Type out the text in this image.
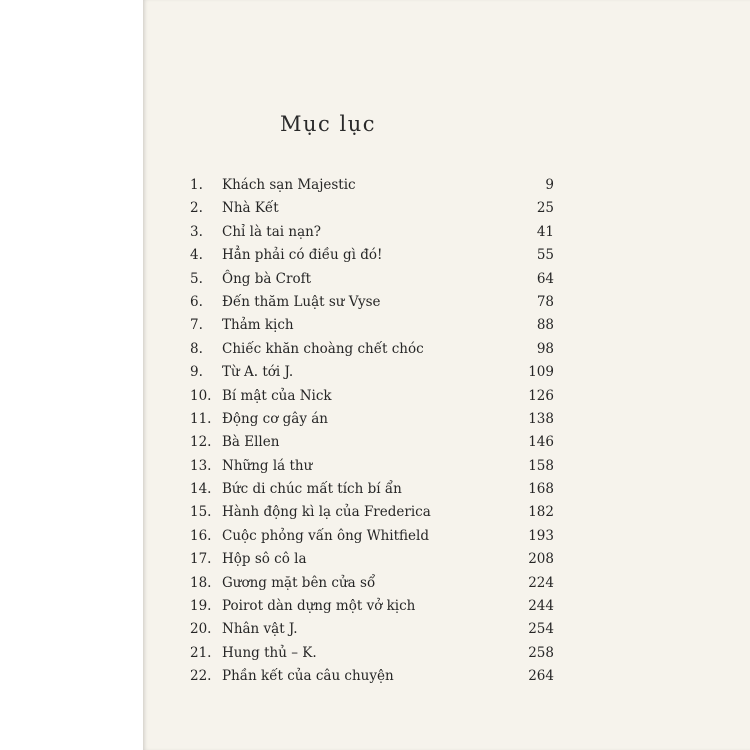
Mục lục
1. Khách sạn Majestic	9
2. Nhà Kết	25
3. Chỉ là tai nạn?	41
4. Hẳn phải có điều gì đó!	55
5. Ông bà Croft	64
6. Đến thăm Luật sư Vyse	78
7. Thảm kịch	88
8. Chiếc khăn choàng chết chóc	98
9. Từ A. tới J.	109
10. Bí mật của Nick	126
11. Động cơ gây án	138
12. Bà Ellen	146
13. Những lá thư	158
14. Bức di chúc mất tích bí ẩn	168
15. Hành động kì lạ của Frederica	182
16. Cuộc phỏng vấn ông Whitfield	193
17. Hộp sô cô la	208
18. Gương mặt bên cửa sổ	224
19. Poirot dàn dựng một vở kịch	244
20. Nhân vật J.	254
21. Hung thủ – K.	258
22. Phần kết của câu chuyện	264
